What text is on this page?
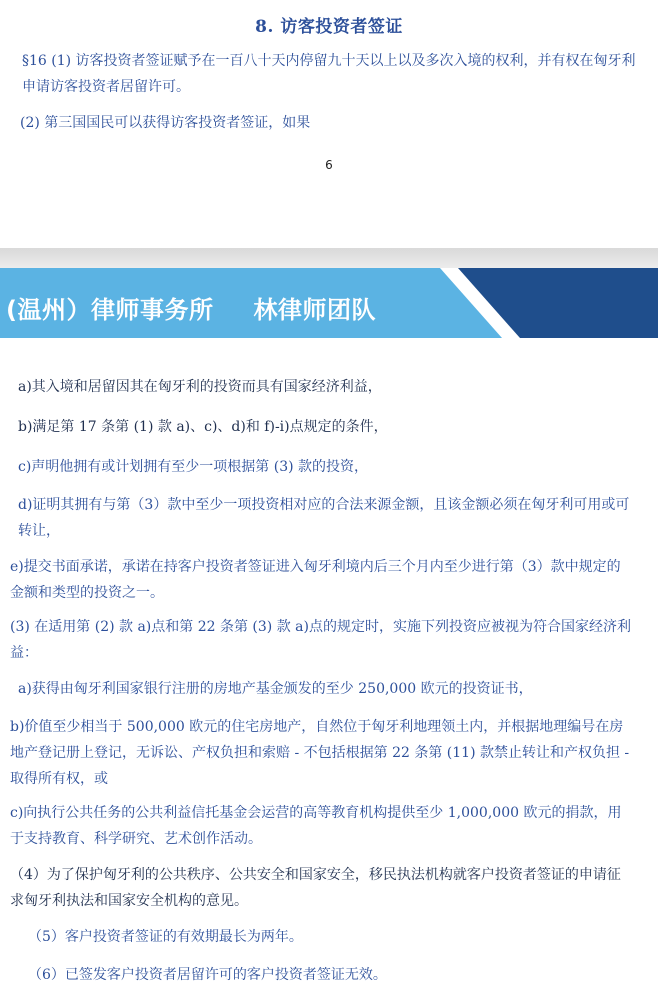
8. 访客投资者签证
§16 (1) 访客投资者签证赋予在一百八十天内停留九十天以上以及多次入境的权利，并有权在匈牙利申请访客投资者居留许可。
(2) 第三国国民可以获得访客投资者签证，如果
6
(温州）律师事务所 林律师团队
a)其入境和居留因其在匈牙利的投资而具有国家经济利益，
b)满足第 17 条第 (1) 款 a)、c)、d)和 f)-i)点规定的条件，
c)声明他拥有或计划拥有至少一项根据第 (3) 款的投资，
d)证明其拥有与第（3）款中至少一项投资相对应的合法来源金额，且该金额必须在匈牙利可用或可转让，
e)提交书面承诺，承诺在持客户投资者签证进入匈牙利境内后三个月内至少进行第（3）款中规定的金额和类型的投资之一。
(3) 在适用第 (2) 款 a)点和第 22 条第 (3) 款 a)点的规定时，实施下列投资应被视为符合国家经济利益：
a)获得由匈牙利国家银行注册的房地产基金颁发的至少 250,000 欧元的投资证书，
b)价值至少相当于 500,000 欧元的住宅房地产，自然位于匈牙利地理领土内，并根据地理编号在房地产登记册上登记，无诉讼、产权负担和索赔 - 不包括根据第 22 条第 (11) 款禁止转让和产权负担 - 取得所有权，或
c)向执行公共任务的公共利益信托基金会运营的高等教育机构提供至少 1,000,000 欧元的捐款，用于支持教育、科学研究、艺术创作活动。
（4）为了保护匈牙利的公共秩序、公共安全和国家安全，移民执法机构就客户投资者签证的申请征求匈牙利执法和国家安全机构的意见。
（5）客户投资者签证的有效期最长为两年。
（6）已签发客户投资者居留许可的客户投资者签证无效。
